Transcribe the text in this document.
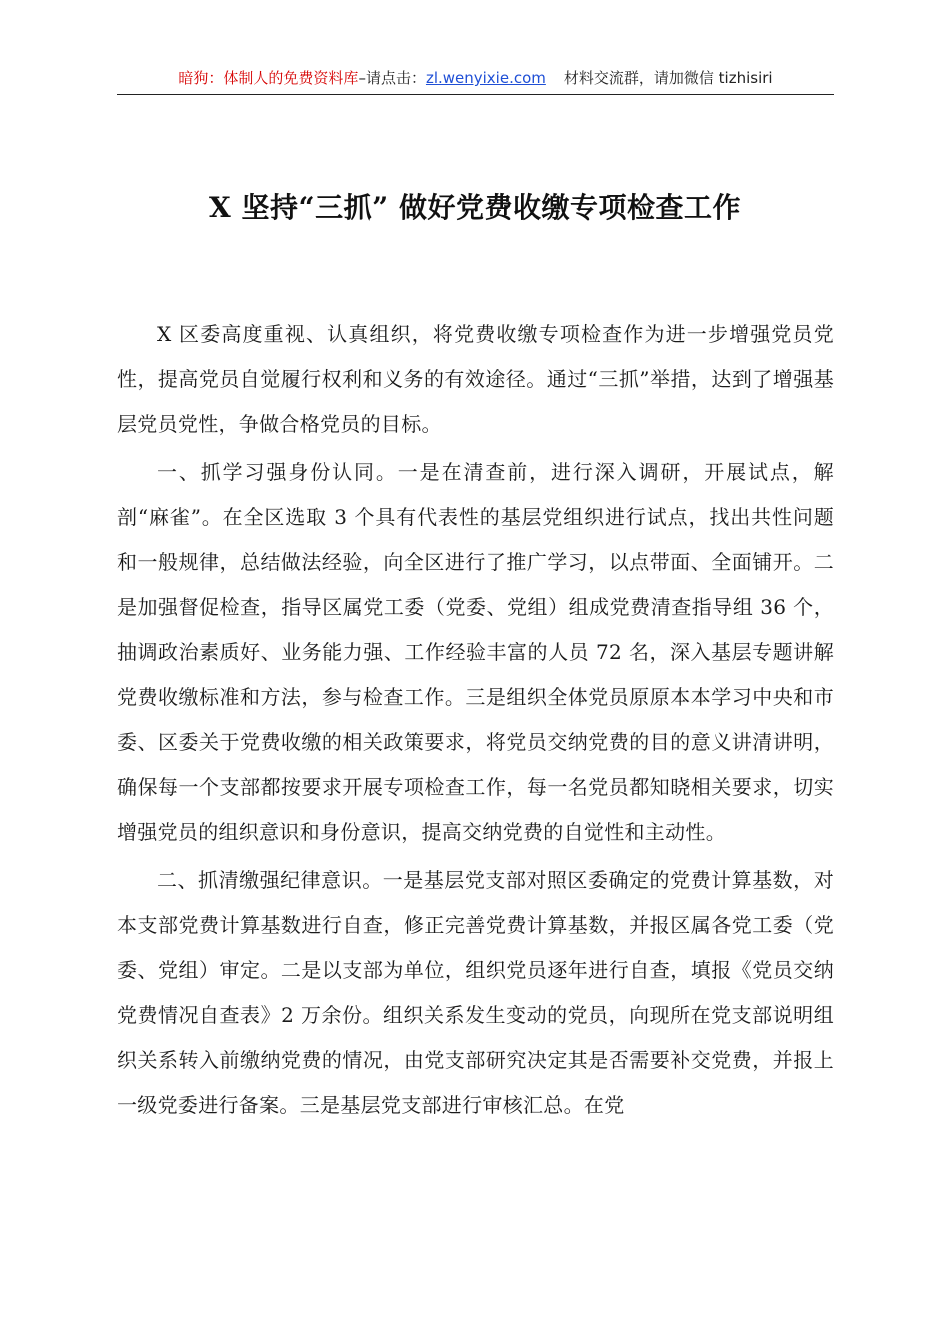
暗狗：体制人的免费资料库–请点击：zl.wenyixie.com 材料交流群，请加微信 tizhisiri
X 坚持“三抓” 做好党费收缴专项检查工作

X 区委高度重视、认真组织，将党费收缴专项检查作为进一步增强党员党性，提高党员自觉履行权利和义务的有效途径。通过“三抓”举措，达到了增强基层党员党性，争做合格党员的目标。

一、抓学习强身份认同。一是在清查前，进行深入调研，开展试点，解剖“麻雀”。在全区选取 3 个具有代表性的基层党组织进行试点，找出共性问题和一般规律，总结做法经验，向全区进行了推广学习，以点带面、全面铺开。二是加强督促检查，指导区属党工委（党委、党组）组成党费清查指导组 36 个，抽调政治素质好、业务能力强、工作经验丰富的人员 72 名，深入基层专题讲解党费收缴标准和方法，参与检查工作。三是组织全体党员原原本本学习中央和市委、区委关于党费收缴的相关政策要求，将党员交纳党费的目的意义讲清讲明，确保每一个支部都按要求开展专项检查工作，每一名党员都知晓相关要求，切实增强党员的组织意识和身份意识，提高交纳党费的自觉性和主动性。

二、抓清缴强纪律意识。一是基层党支部对照区委确定的党费计算基数，对本支部党费计算基数进行自查，修正完善党费计算基数，并报区属各党工委（党委、党组）审定。二是以支部为单位，组织党员逐年进行自查，填报《党员交纳党费情况自查表》2 万余份。组织关系发生变动的党员，向现所在党支部说明组织关系转入前缴纳党费的情况，由党支部研究决定其是否需要补交党费，并报上一级党委进行备案。三是基层党支部进行审核汇总。在党
